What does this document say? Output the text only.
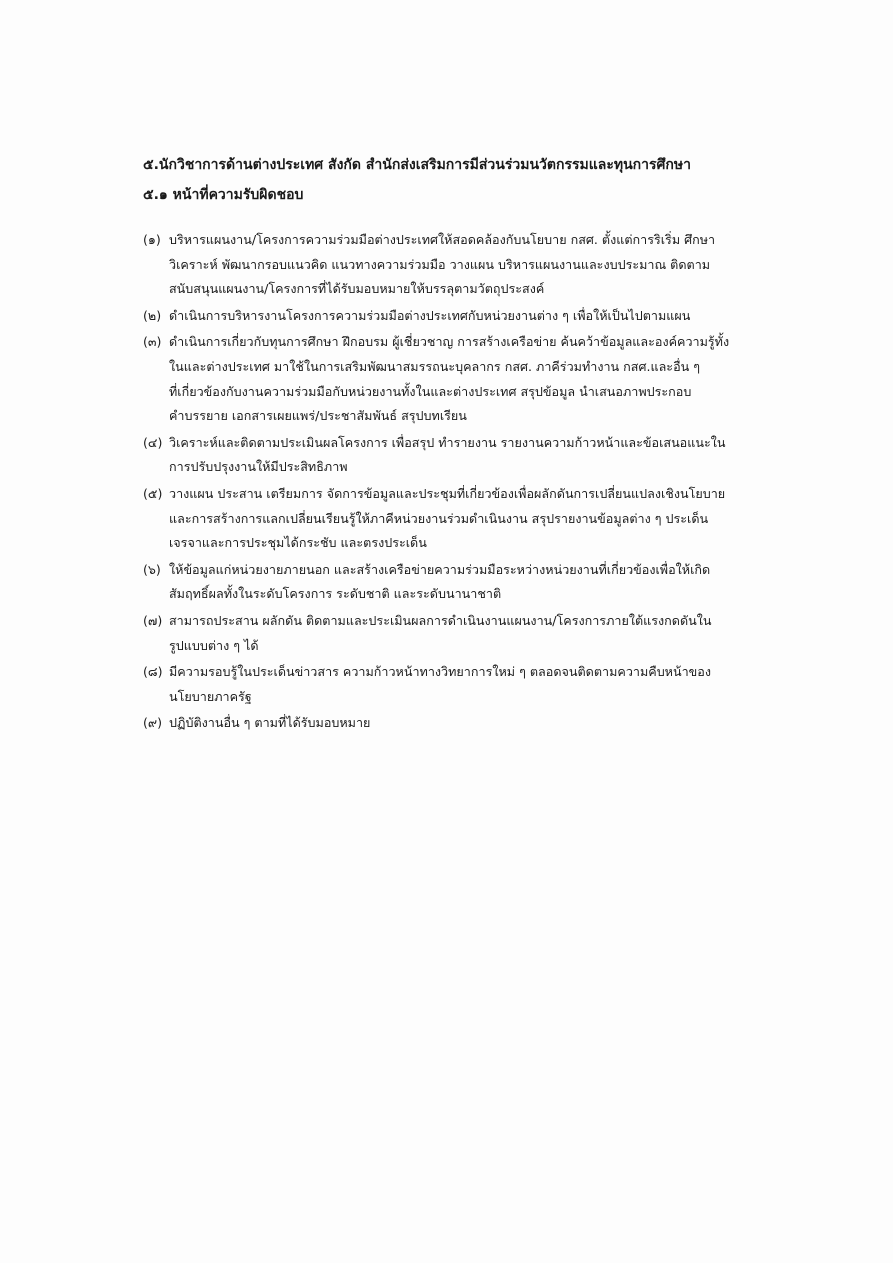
๕.นักวิชาการด้านต่างประเทศ สังกัด สำนักส่งเสริมการมีส่วนร่วมนวัตกรรมและทุนการศึกษา
๕.๑ หน้าที่ความรับผิดชอบ
(๑) บริหารแผนงาน/โครงการความร่วมมือต่างประเทศให้สอดคล้องกับนโยบาย กสศ. ตั้งแต่การริเริ่ม ศึกษา
วิเคราะห์ พัฒนากรอบแนวคิด แนวทางความร่วมมือ วางแผน บริหารแผนงานและงบประมาณ ติดตาม
สนับสนุนแผนงาน/โครงการที่ได้รับมอบหมายให้บรรลุตามวัตถุประสงค์
(๒) ดำเนินการบริหารงานโครงการความร่วมมือต่างประเทศกับหน่วยงานต่าง ๆ เพื่อให้เป็นไปตามแผน
(๓) ดำเนินการเกี่ยวกับทุนการศึกษา ฝึกอบรม ผู้เชี่ยวชาญ การสร้างเครือข่าย ค้นคว้าข้อมูลและองค์ความรู้ทั้ง
ในและต่างประเทศ มาใช้ในการเสริมพัฒนาสมรรถนะบุคลากร กสศ. ภาคีร่วมทำงาน กสศ.และอื่น ๆ
ที่เกี่ยวข้องกับงานความร่วมมือกับหน่วยงานทั้งในและต่างประเทศ สรุปข้อมูล นำเสนอภาพประกอบ
คำบรรยาย เอกสารเผยแพร่/ประชาสัมพันธ์ สรุปบทเรียน
(๔) วิเคราะห์และติดตามประเมินผลโครงการ เพื่อสรุป ทำรายงาน รายงานความก้าวหน้าและข้อเสนอแนะใน
การปรับปรุงงานให้มีประสิทธิภาพ
(๕) วางแผน ประสาน เตรียมการ จัดการข้อมูลและประชุมที่เกี่ยวข้องเพื่อผลักดันการเปลี่ยนแปลงเชิงนโยบาย
และการสร้างการแลกเปลี่ยนเรียนรู้ให้ภาคีหน่วยงานร่วมดำเนินงาน สรุปรายงานข้อมูลต่าง ๆ ประเด็น
เจรจาและการประชุมได้กระชับ และตรงประเด็น
(๖) ให้ข้อมูลแก่หน่วยงายภายนอก และสร้างเครือข่ายความร่วมมือระหว่างหน่วยงานที่เกี่ยวข้องเพื่อให้เกิด
สัมฤทธิ์ผลทั้งในระดับโครงการ ระดับชาติ และระดับนานาชาติ
(๗) สามารถประสาน ผลักดัน ติดตามและประเมินผลการดำเนินงานแผนงาน/โครงการภายใต้แรงกดดันใน
รูปแบบต่าง ๆ ได้
(๘) มีความรอบรู้ในประเด็นข่าวสาร ความก้าวหน้าทางวิทยาการใหม่ ๆ ตลอดจนติดตามความคืบหน้าของ
นโยบายภาครัฐ
(๙) ปฏิบัติงานอื่น ๆ ตามที่ได้รับมอบหมาย
